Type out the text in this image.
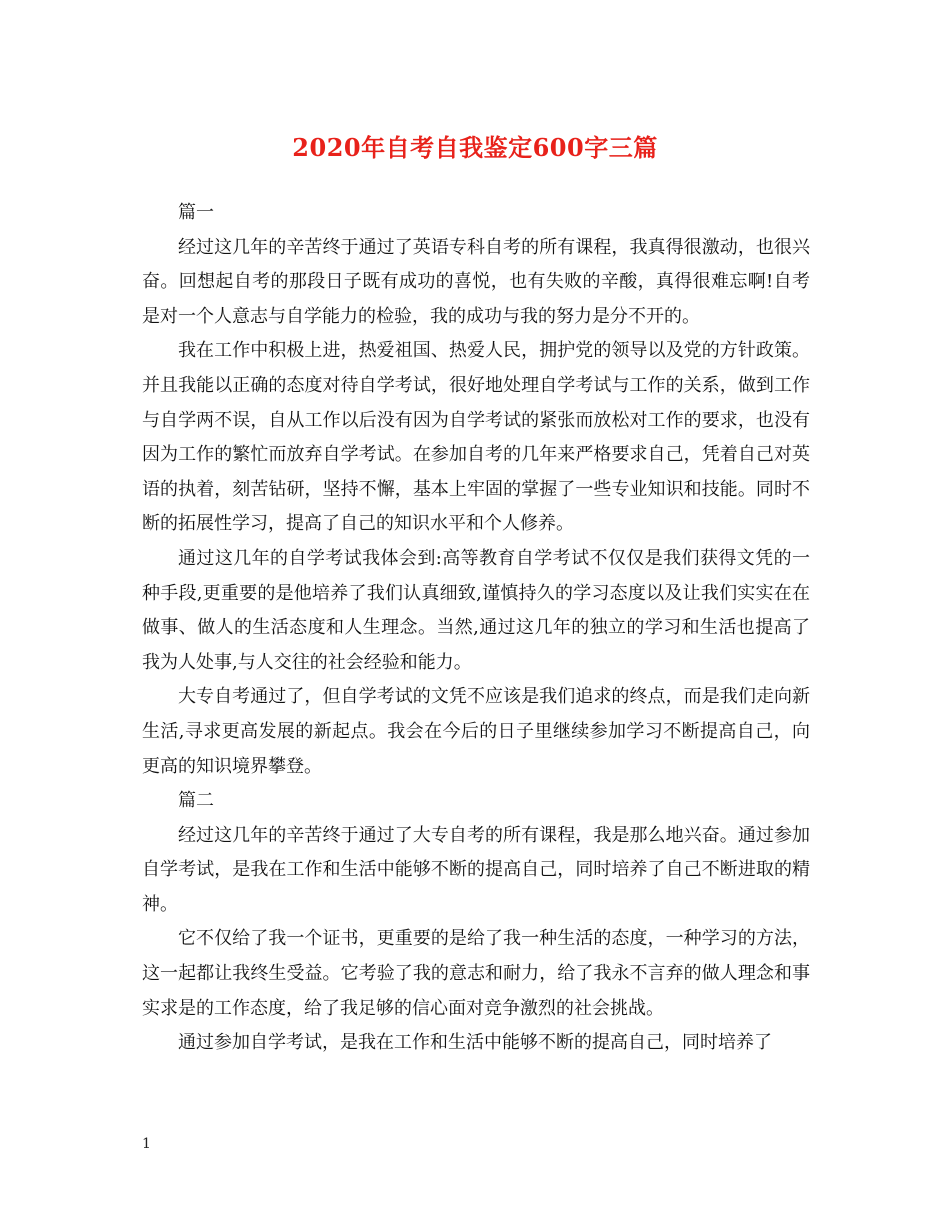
2020年自考自我鉴定600字三篇

篇一

经过这几年的辛苦终于通过了英语专科自考的所有课程，我真得很激动，也很兴奋。回想起自考的那段日子既有成功的喜悦，也有失败的辛酸，真得很难忘啊!自考是对一个人意志与自学能力的检验，我的成功与我的努力是分不开的。

我在工作中积极上进，热爱祖国、热爱人民，拥护党的领导以及党的方针政策。并且我能以正确的态度对待自学考试，很好地处理自学考试与工作的关系，做到工作与自学两不误，自从工作以后没有因为自学考试的紧张而放松对工作的要求，也没有因为工作的繁忙而放弃自学考试。在参加自考的几年来严格要求自己，凭着自己对英语的执着，刻苦钻研，坚持不懈，基本上牢固的掌握了一些专业知识和技能。同时不断的拓展性学习，提高了自己的知识水平和个人修养。

通过这几年的自学考试我体会到:高等教育自学考试不仅仅是我们获得文凭的一种手段,更重要的是他培养了我们认真细致,谨慎持久的学习态度以及让我们实实在在做事、做人的生活态度和人生理念。当然,通过这几年的独立的学习和生活也提高了我为人处事,与人交往的社会经验和能力。

大专自考通过了，但自学考试的文凭不应该是我们追求的终点，而是我们走向新生活,寻求更高发展的新起点。我会在今后的日子里继续参加学习不断提高自己，向更高的知识境界攀登。

篇二

经过这几年的辛苦终于通过了大专自考的所有课程，我是那么地兴奋。通过参加自学考试，是我在工作和生活中能够不断的提高自己，同时培养了自己不断进取的精神。

它不仅给了我一个证书，更重要的是给了我一种生活的态度，一种学习的方法，这一起都让我终生受益。它考验了我的意志和耐力，给了我永不言弃的做人理念和事实求是的工作态度，给了我足够的信心面对竞争激烈的社会挑战。

通过参加自学考试，是我在工作和生活中能够不断的提高自己，同时培养了

1
